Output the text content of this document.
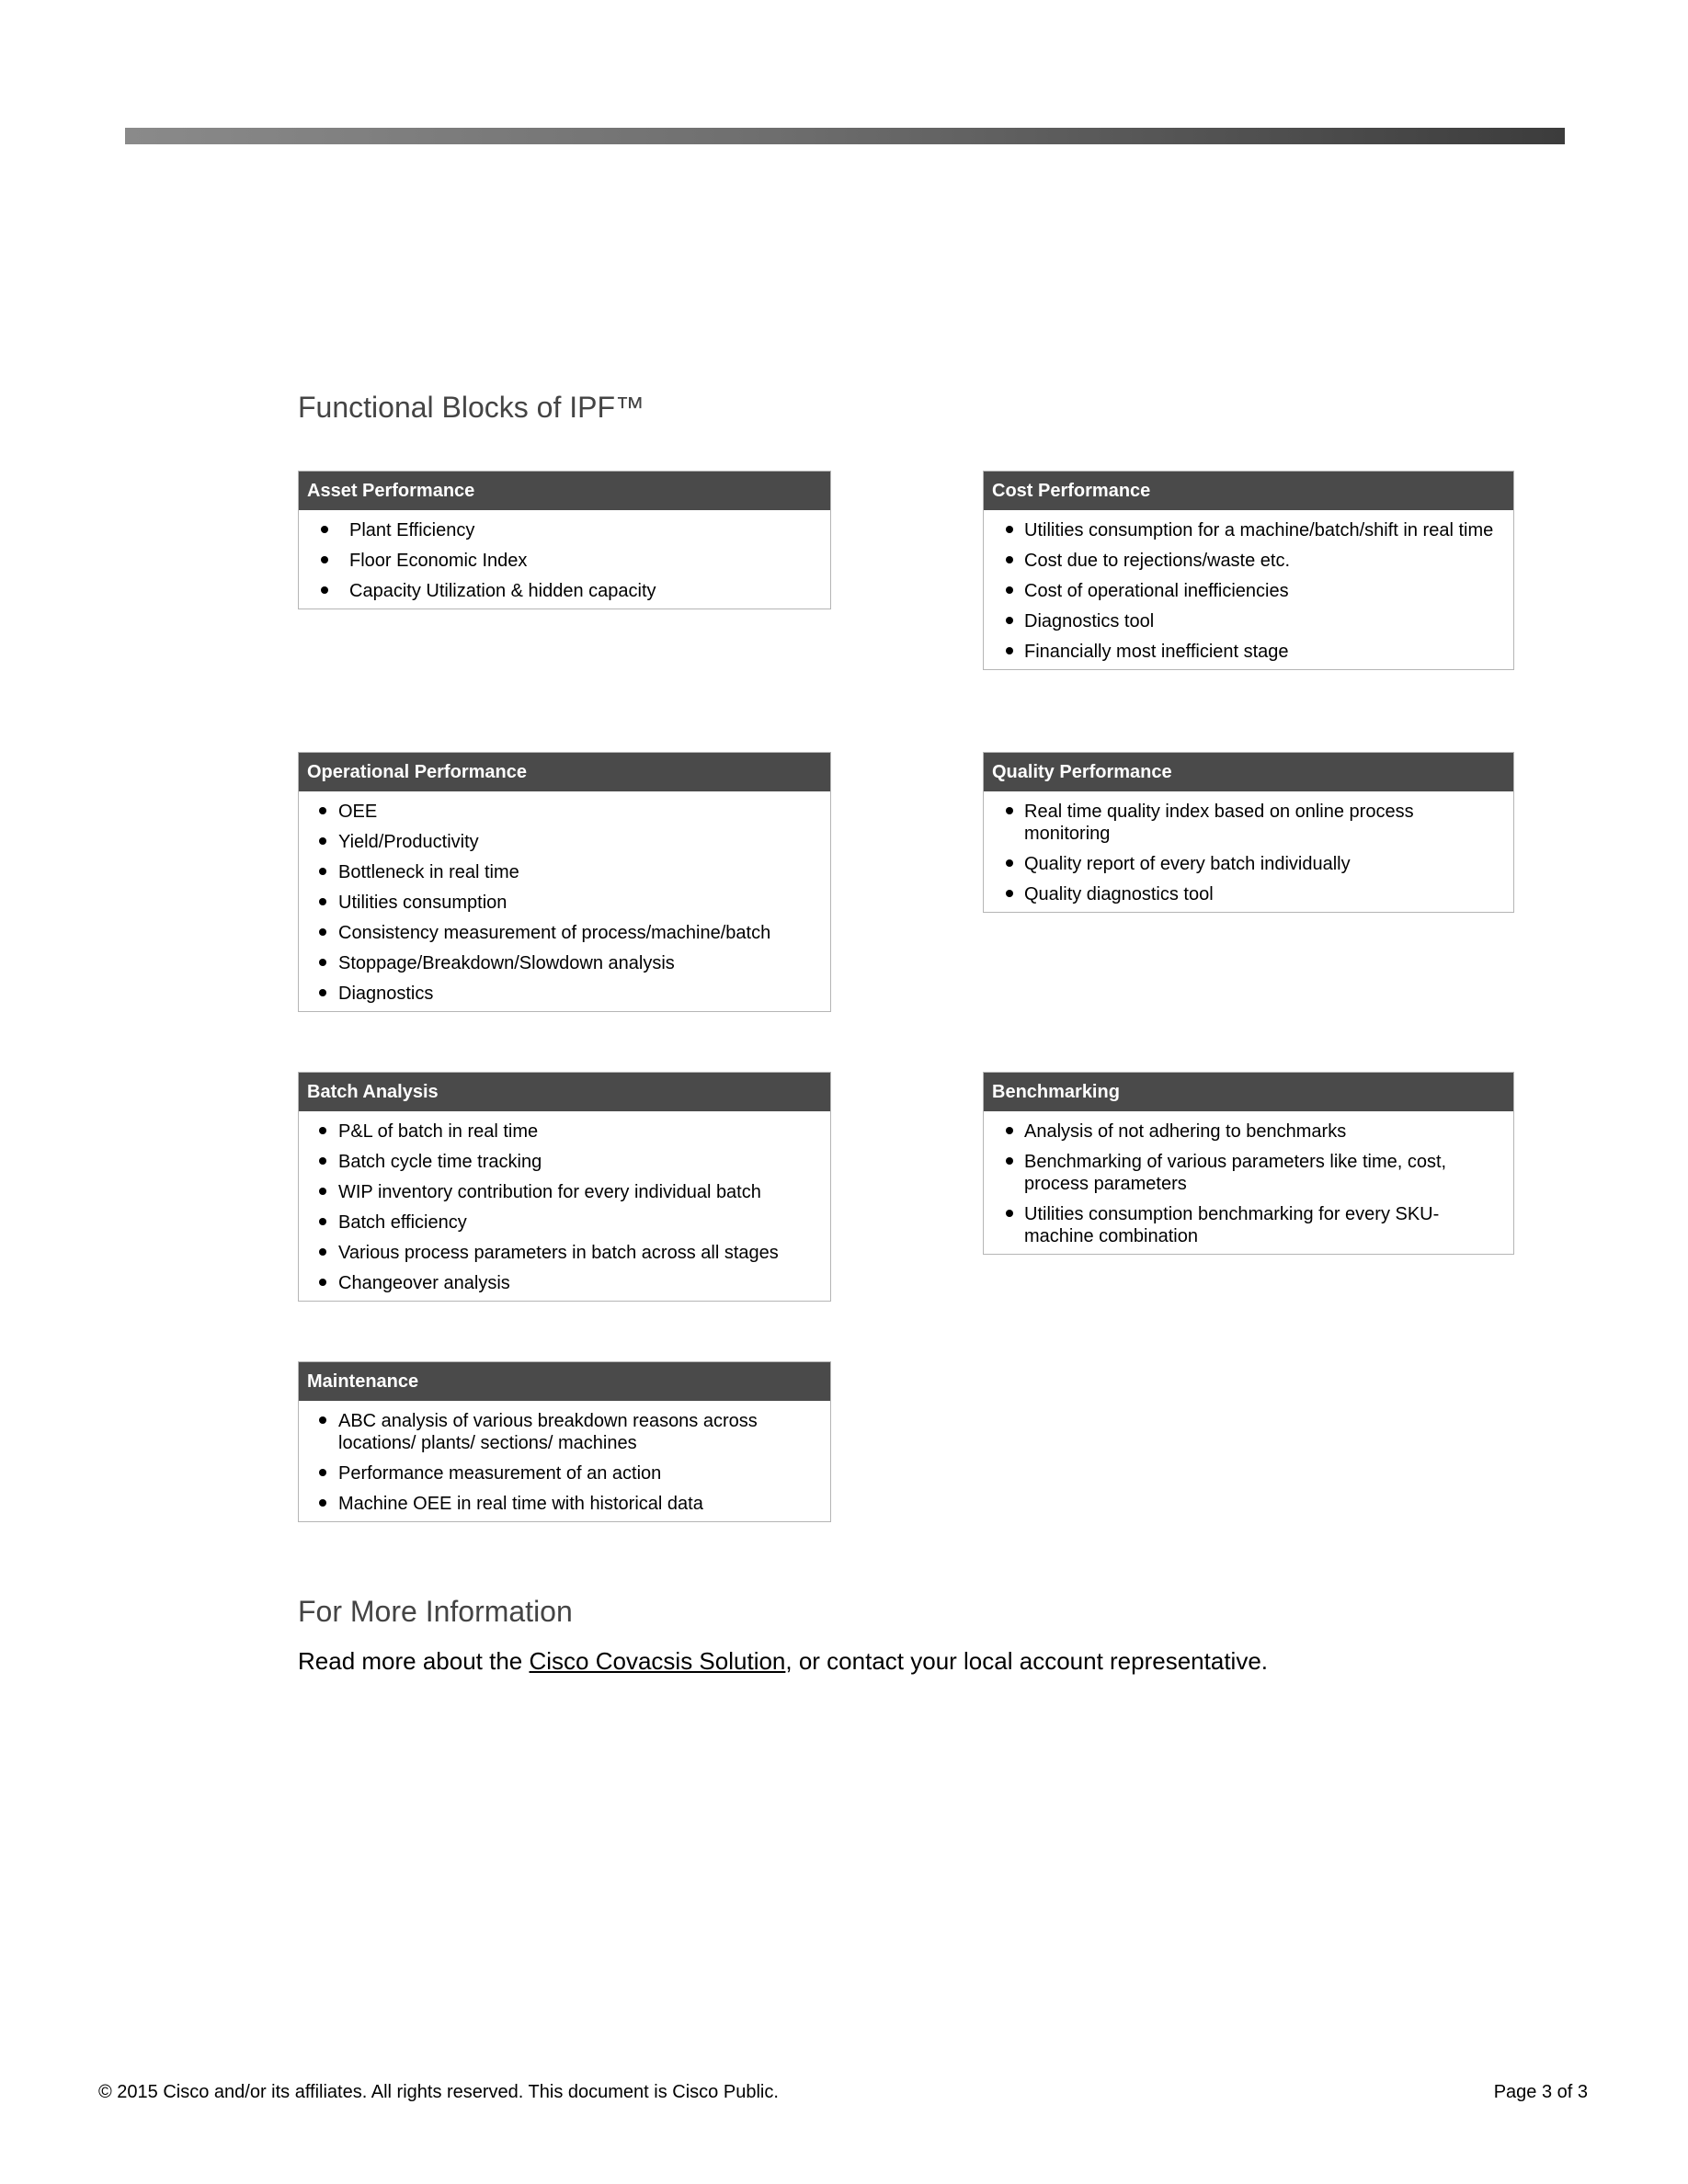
Functional Blocks of IPF™
Asset Performance
Plant Efficiency
Floor Economic Index
Capacity Utilization & hidden capacity
Cost Performance
Utilities consumption for a machine/batch/shift in real time
Cost due to rejections/waste etc.
Cost of operational inefficiencies
Diagnostics tool
Financially most inefficient stage
Operational Performance
OEE
Yield/Productivity
Bottleneck in real time
Utilities consumption
Consistency measurement of process/machine/batch
Stoppage/Breakdown/Slowdown analysis
Diagnostics
Quality Performance
Real time quality index based on online process monitoring
Quality report of every batch individually
Quality diagnostics tool
Batch Analysis
P&L of batch in real time
Batch cycle time tracking
WIP inventory contribution for every individual batch
Batch efficiency
Various process parameters in batch across all stages
Changeover analysis
Benchmarking
Analysis of not adhering to benchmarks
Benchmarking of various parameters like time, cost, process parameters
Utilities consumption benchmarking for every SKU-machine combination
Maintenance
ABC analysis of various breakdown reasons across locations/ plants/ sections/ machines
Performance measurement of an action
Machine OEE in real time with historical data
For More Information

Read more about the Cisco Covacsis Solution, or contact your local account representative.

© 2015 Cisco and/or its affiliates. All rights reserved. This document is Cisco Public.	Page 3 of 3
